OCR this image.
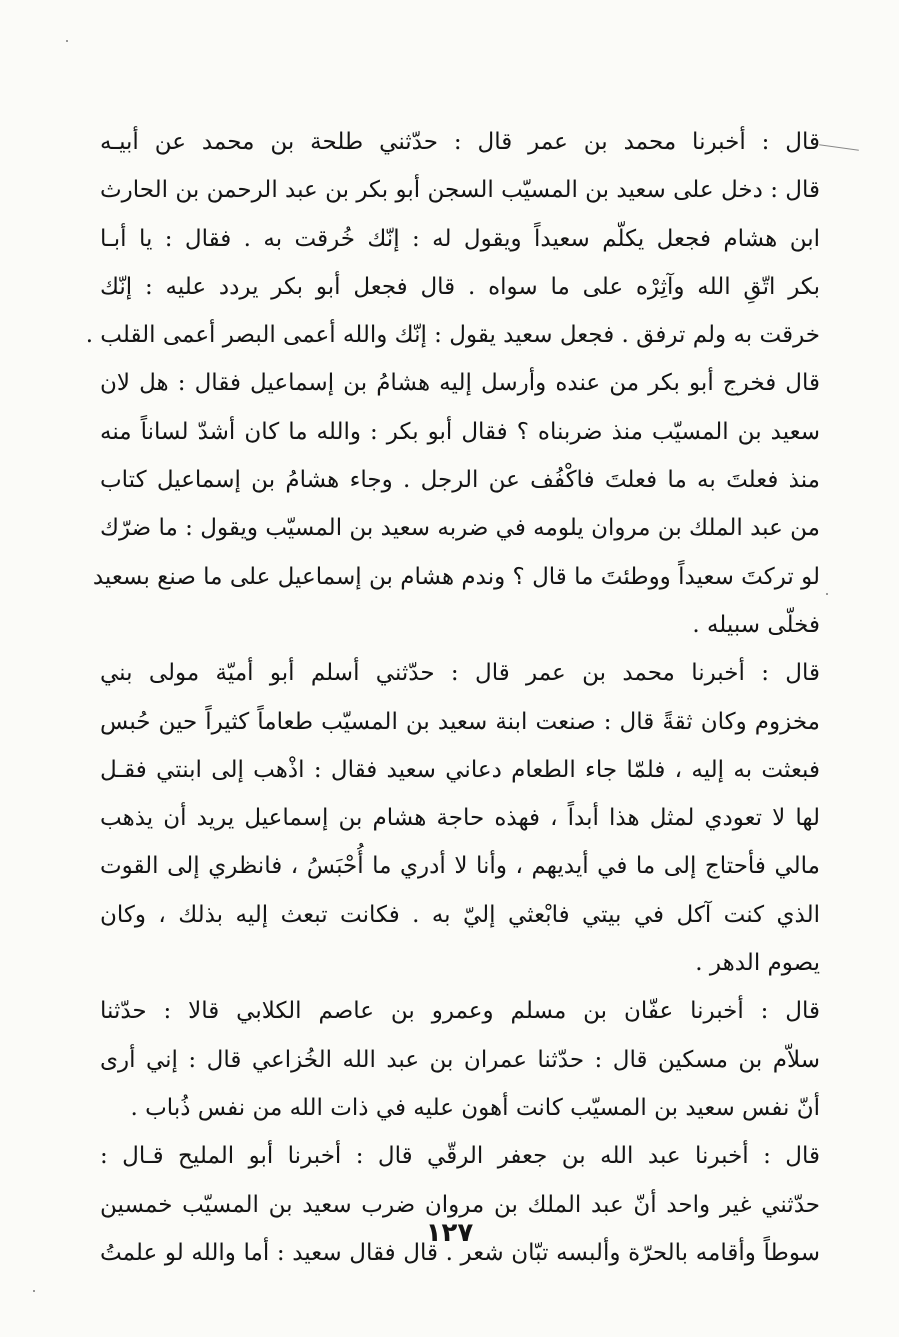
قال : أخبرنا محمد بن عمر قال : حدّثني طلحة بن محمد عن أبيـه
قال : دخل على سعيد بن المسيّب السجن أبو بكر بن عبد الرحمن بن الحارث
ابن هشام فجعل يكلّم سعيداً ويقول له : إنّك خُرقت به . فقال : يا أبـا
بكر اتّقِ الله وآثِرْه على ما سواه . قال فجعل أبو بكر يردد عليه : إنّك
خرقت به ولم ترفق . فجعل سعيد يقول : إنّك والله أعمى البصر أعمى القلب .
قال فخرج أبو بكر من عنده وأرسل إليه هشامُ بن إسماعيل فقال : هل لان
سعيد بن المسيّب منذ ضربناه ؟ فقال أبو بكر : والله ما كان أشدّ لساناً منه
منذ فعلتَ به ما فعلتَ فاكْفُف عن الرجل . وجاء هشامُ بن إسماعيل كتاب
من عبد الملك بن مروان يلومه في ضربه سعيد بن المسيّب ويقول : ما ضرّك
لو تركتَ سعيداً ووطئتَ ما قال ؟ وندم هشام بن إسماعيل على ما صنع بسعيد
فخلّى سبيله .
قال : أخبرنا محمد بن عمر قال : حدّثني أسلم أبو أميّة مولى بني
مخزوم وكان ثقةً قال : صنعت ابنة سعيد بن المسيّب طعاماً كثيراً حين حُبس
فبعثت به إليه ، فلمّا جاء الطعام دعاني سعيد فقال : اذْهب إلى ابنتي فقـل
لها لا تعودي لمثل هذا أبداً ، فهذه حاجة هشام بن إسماعيل يريد أن يذهب
مالي فأحتاج إلى ما في أيديهم ، وأنا لا أدري ما أُحْبَسُ ، فانظري إلى القوت
الذي كنت آكل في بيتي فابْعثي إليّ به . فكانت تبعث إليه بذلك ، وكان
يصوم الدهر .
قال : أخبرنا عفّان بن مسلم وعمرو بن عاصم الكلابي قالا : حدّثنا
سلاّم بن مسكين قال : حدّثنا عمران بن عبد الله الخُزاعي قال : إني أرى
أنّ نفس سعيد بن المسيّب كانت أهون عليه في ذات الله من نفس ذُباب .
قال : أخبرنا عبد الله بن جعفر الرقّي قال : أخبرنا أبو المليح قـال :
حدّثني غير واحد أنّ عبد الملك بن مروان ضرب سعيد بن المسيّب خمسين
سوطاً وأقامه بالحرّة وألبسه تبّان شعر . قال فقال سعيد : أما والله لو علمتُ
١٢٧
